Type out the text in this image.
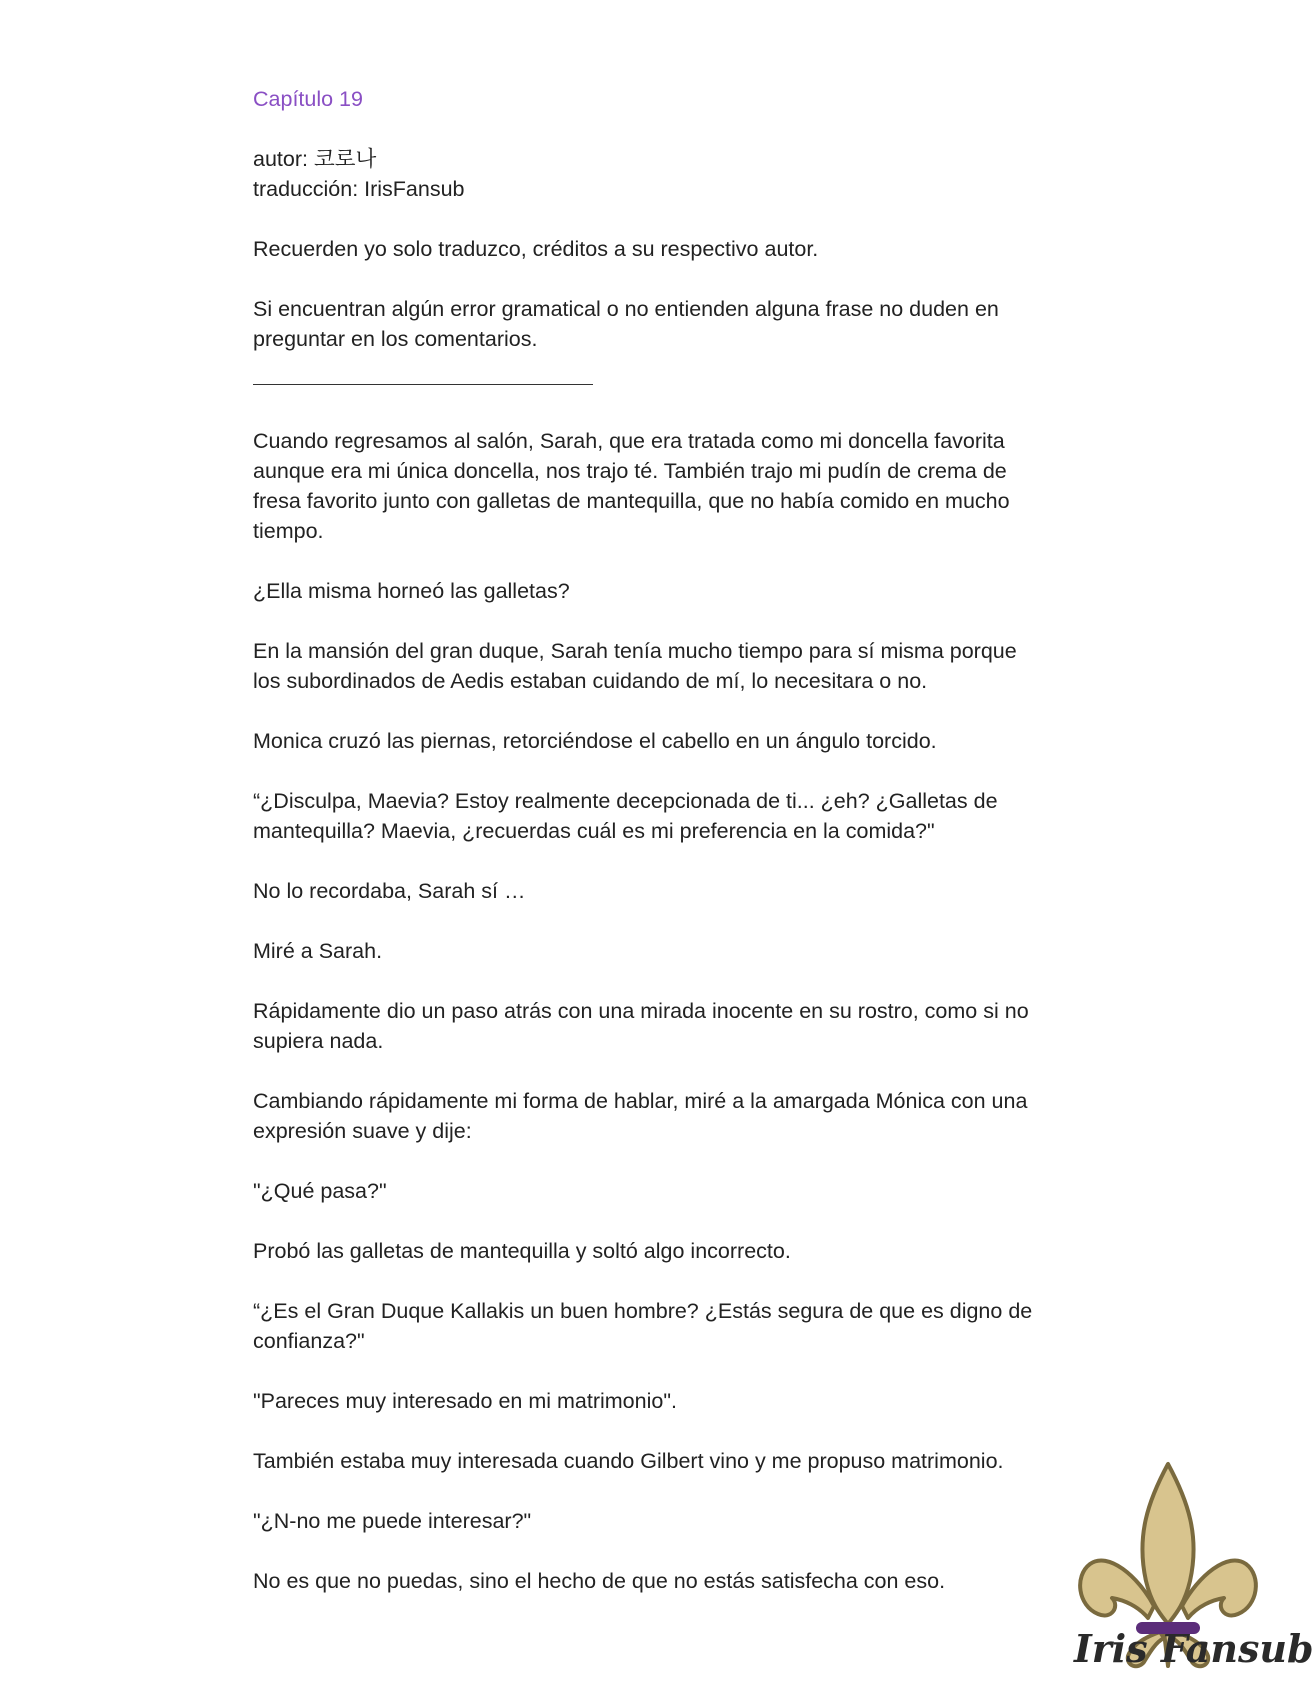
Capítulo 19

autor: 코로나

traducción: IrisFansub

Recuerden yo solo traduzco, créditos a su respectivo autor.

Si encuentran algún error gramatical o no entienden alguna frase no duden en preguntar en los comentarios.

Cuando regresamos al salón, Sarah, que era tratada como mi doncella favorita aunque era mi única doncella, nos trajo té. También trajo mi pudín de crema de fresa favorito junto con galletas de mantequilla, que no había comido en mucho tiempo.

¿Ella misma horneó las galletas?

En la mansión del gran duque, Sarah tenía mucho tiempo para sí misma porque los subordinados de Aedis estaban cuidando de mí, lo necesitara o no.

Monica cruzó las piernas, retorciéndose el cabello en un ángulo torcido.

“¿Disculpa, Maevia? Estoy realmente decepcionada de ti... ¿eh? ¿Galletas de mantequilla? Maevia, ¿recuerdas cuál es mi preferencia en la comida?"

No lo recordaba, Sarah sí …

Miré a Sarah.

Rápidamente dio un paso atrás con una mirada inocente en su rostro, como si no supiera nada.

Cambiando rápidamente mi forma de hablar, miré a la amargada Mónica con una expresión suave y dije:

"¿Qué pasa?"

Probó las galletas de mantequilla y soltó algo incorrecto.

“¿Es el Gran Duque Kallakis un buen hombre? ¿Estás segura de que es digno de confianza?"

"Pareces muy interesado en mi matrimonio".

También estaba muy interesada cuando Gilbert vino y me propuso matrimonio.

"¿N-no me puede interesar?"

No es que no puedas, sino el hecho de que no estás satisfecha con eso.

Iris Fansub
